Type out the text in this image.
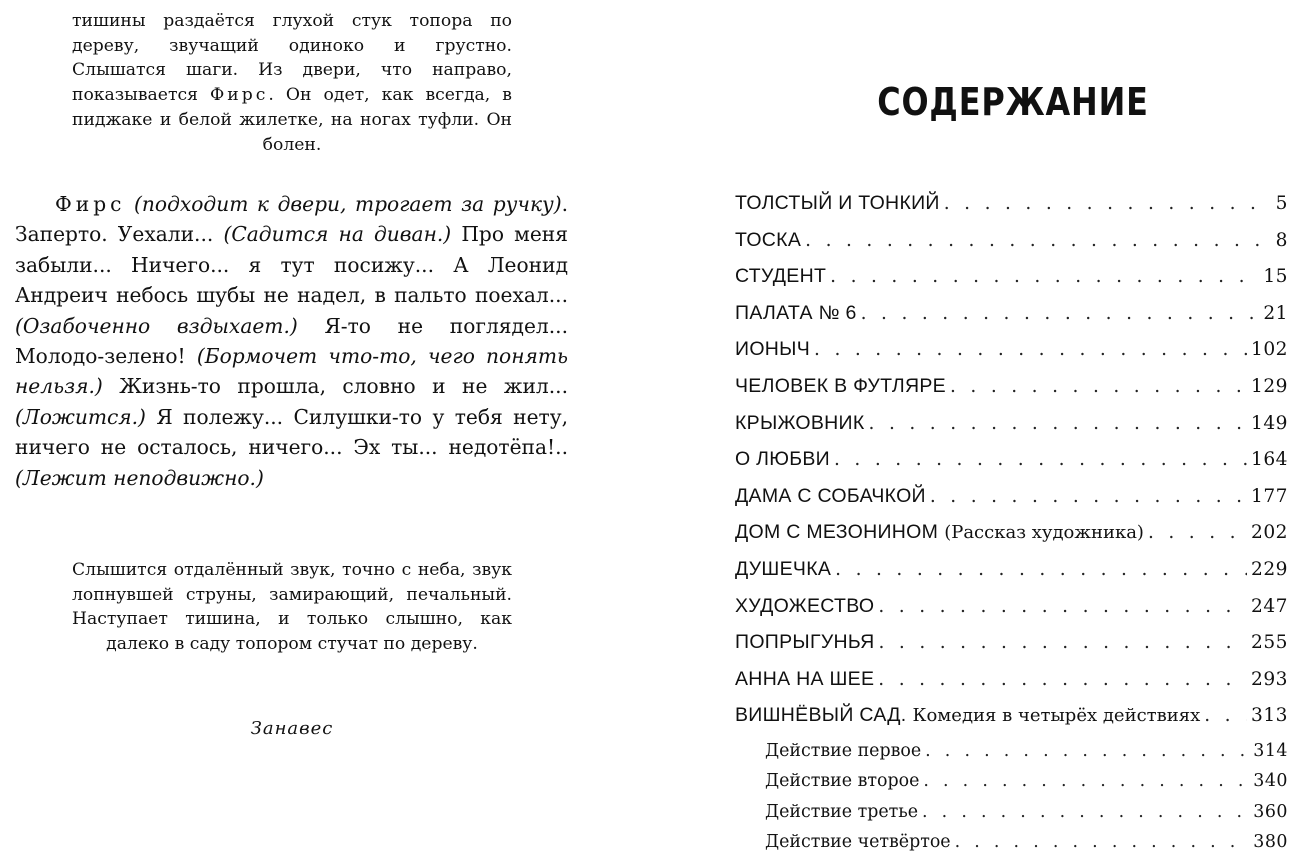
тишины раздаётся глухой стук топора по дереву, звучащий одиноко и грустно. Слышатся шаги. Из двери, что направо, показывается Фирс. Он одет, как всегда, в пиджаке и белой жилетке, на ногах туфли. Он болен.

Фирс (подходит к двери, трогает за ручку). Заперто. Уехали... (Садится на диван.) Про меня забыли... Ничего... я тут посижу... А Леонид Андреич небось шубы не надел, в пальто поехал... (Озабоченно вздыхает.) Я-то не поглядел... Молодо-зелено! (Бормочет что-то, чего понять нельзя.) Жизнь-то прошла, словно и не жил... (Ложится.) Я полежу... Силушки-то у тебя нету, ничего не осталось, ничего... Эх ты... недотёпа!.. (Лежит неподвижно.)

Слышится отдалённый звук, точно с неба, звук лопнувшей струны, замирающий, печальный. Наступает тишина, и только слышно, как далеко в саду топором стучат по дереву.

Занавес
СОДЕРЖАНИЕ
ТОЛСТЫЙ И ТОНКИЙ . . .	5
ТОСКА . . .	8
СТУДЕНТ . . .	15
ПАЛАТА № 6 . . .	21
ИОНЫЧ . . .	102
ЧЕЛОВЕК В ФУТЛЯРЕ . . .	129
КРЫЖОВНИК . . .	149
О ЛЮБВИ . . .	164
ДАМА С СОБАЧКОЙ . . .	177
ДОМ С МЕЗОНИНОМ (Рассказ художника) . . .	202
ДУШЕЧКА . . .	229
ХУДОЖЕСТВО . . .	247
ПОПРЫГУНЬЯ . . .	255
АННА НА ШЕЕ . . .	293
ВИШНЁВЫЙ САД. Комедия в четырёх действиях . . .	313
Действие первое . . .	314
Действие второе . . .	340
Действие третье . . .	360
Действие четвёртое . . .	380
